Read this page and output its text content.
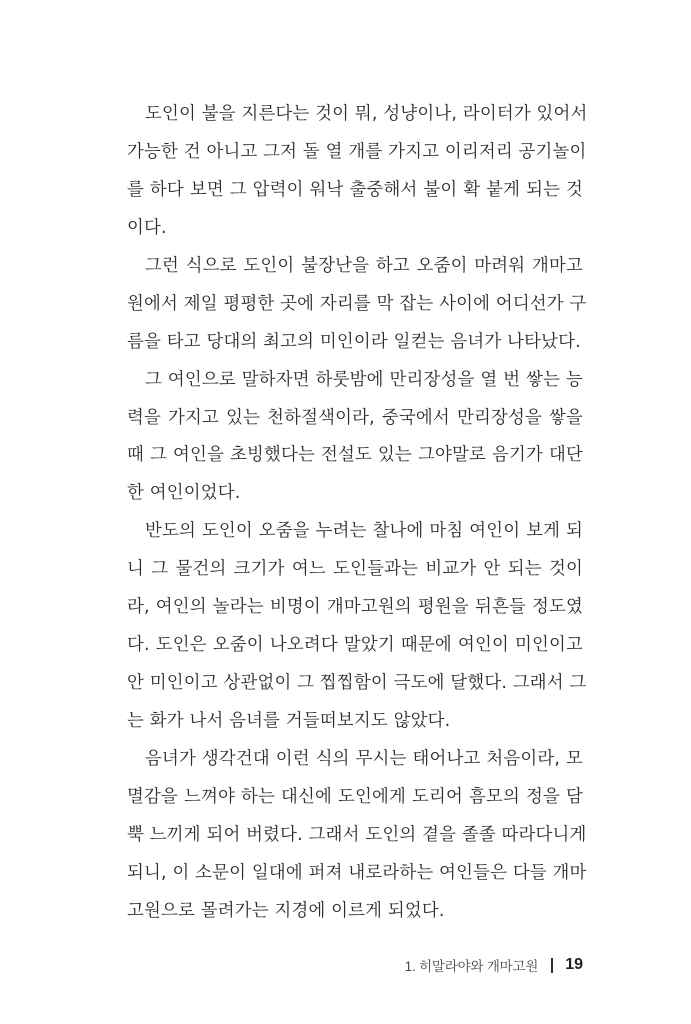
도인이 불을 지른다는 것이 뭐, 성냥이나, 라이터가 있어서
가능한 건 아니고 그저 돌 열 개를 가지고 이리저리 공기놀이
를 하다 보면 그 압력이 워낙 출중해서 불이 확 붙게 되는 것
이다.
그런 식으로 도인이 불장난을 하고 오줌이 마려워 개마고
원에서 제일 평평한 곳에 자리를 막 잡는 사이에 어디선가 구
름을 타고 당대의 최고의 미인이라 일컫는 음녀가 나타났다.
그 여인으로 말하자면 하룻밤에 만리장성을 열 번 쌓는 능
력을 가지고 있는 천하절색이라, 중국에서 만리장성을 쌓을
때 그 여인을 초빙했다는 전설도 있는 그야말로 음기가 대단
한 여인이었다.
반도의 도인이 오줌을 누려는 찰나에 마침 여인이 보게 되
니 그 물건의 크기가 여느 도인들과는 비교가 안 되는 것이
라, 여인의 놀라는 비명이 개마고원의 평원을 뒤흔들 정도였
다. 도인은 오줌이 나오려다 말았기 때문에 여인이 미인이고
안 미인이고 상관없이 그 찝찝함이 극도에 달했다. 그래서 그
는 화가 나서 음녀를 거들떠보지도 않았다.
음녀가 생각건대 이런 식의 무시는 태어나고 처음이라, 모
멸감을 느껴야 하는 대신에 도인에게 도리어 흠모의 정을 담
뿍 느끼게 되어 버렸다. 그래서 도인의 곁을 졸졸 따라다니게
되니, 이 소문이 일대에 퍼져 내로라하는 여인들은 다들 개마
고원으로 몰려가는 지경에 이르게 되었다.
1. 히말라야와 개마고원 19
